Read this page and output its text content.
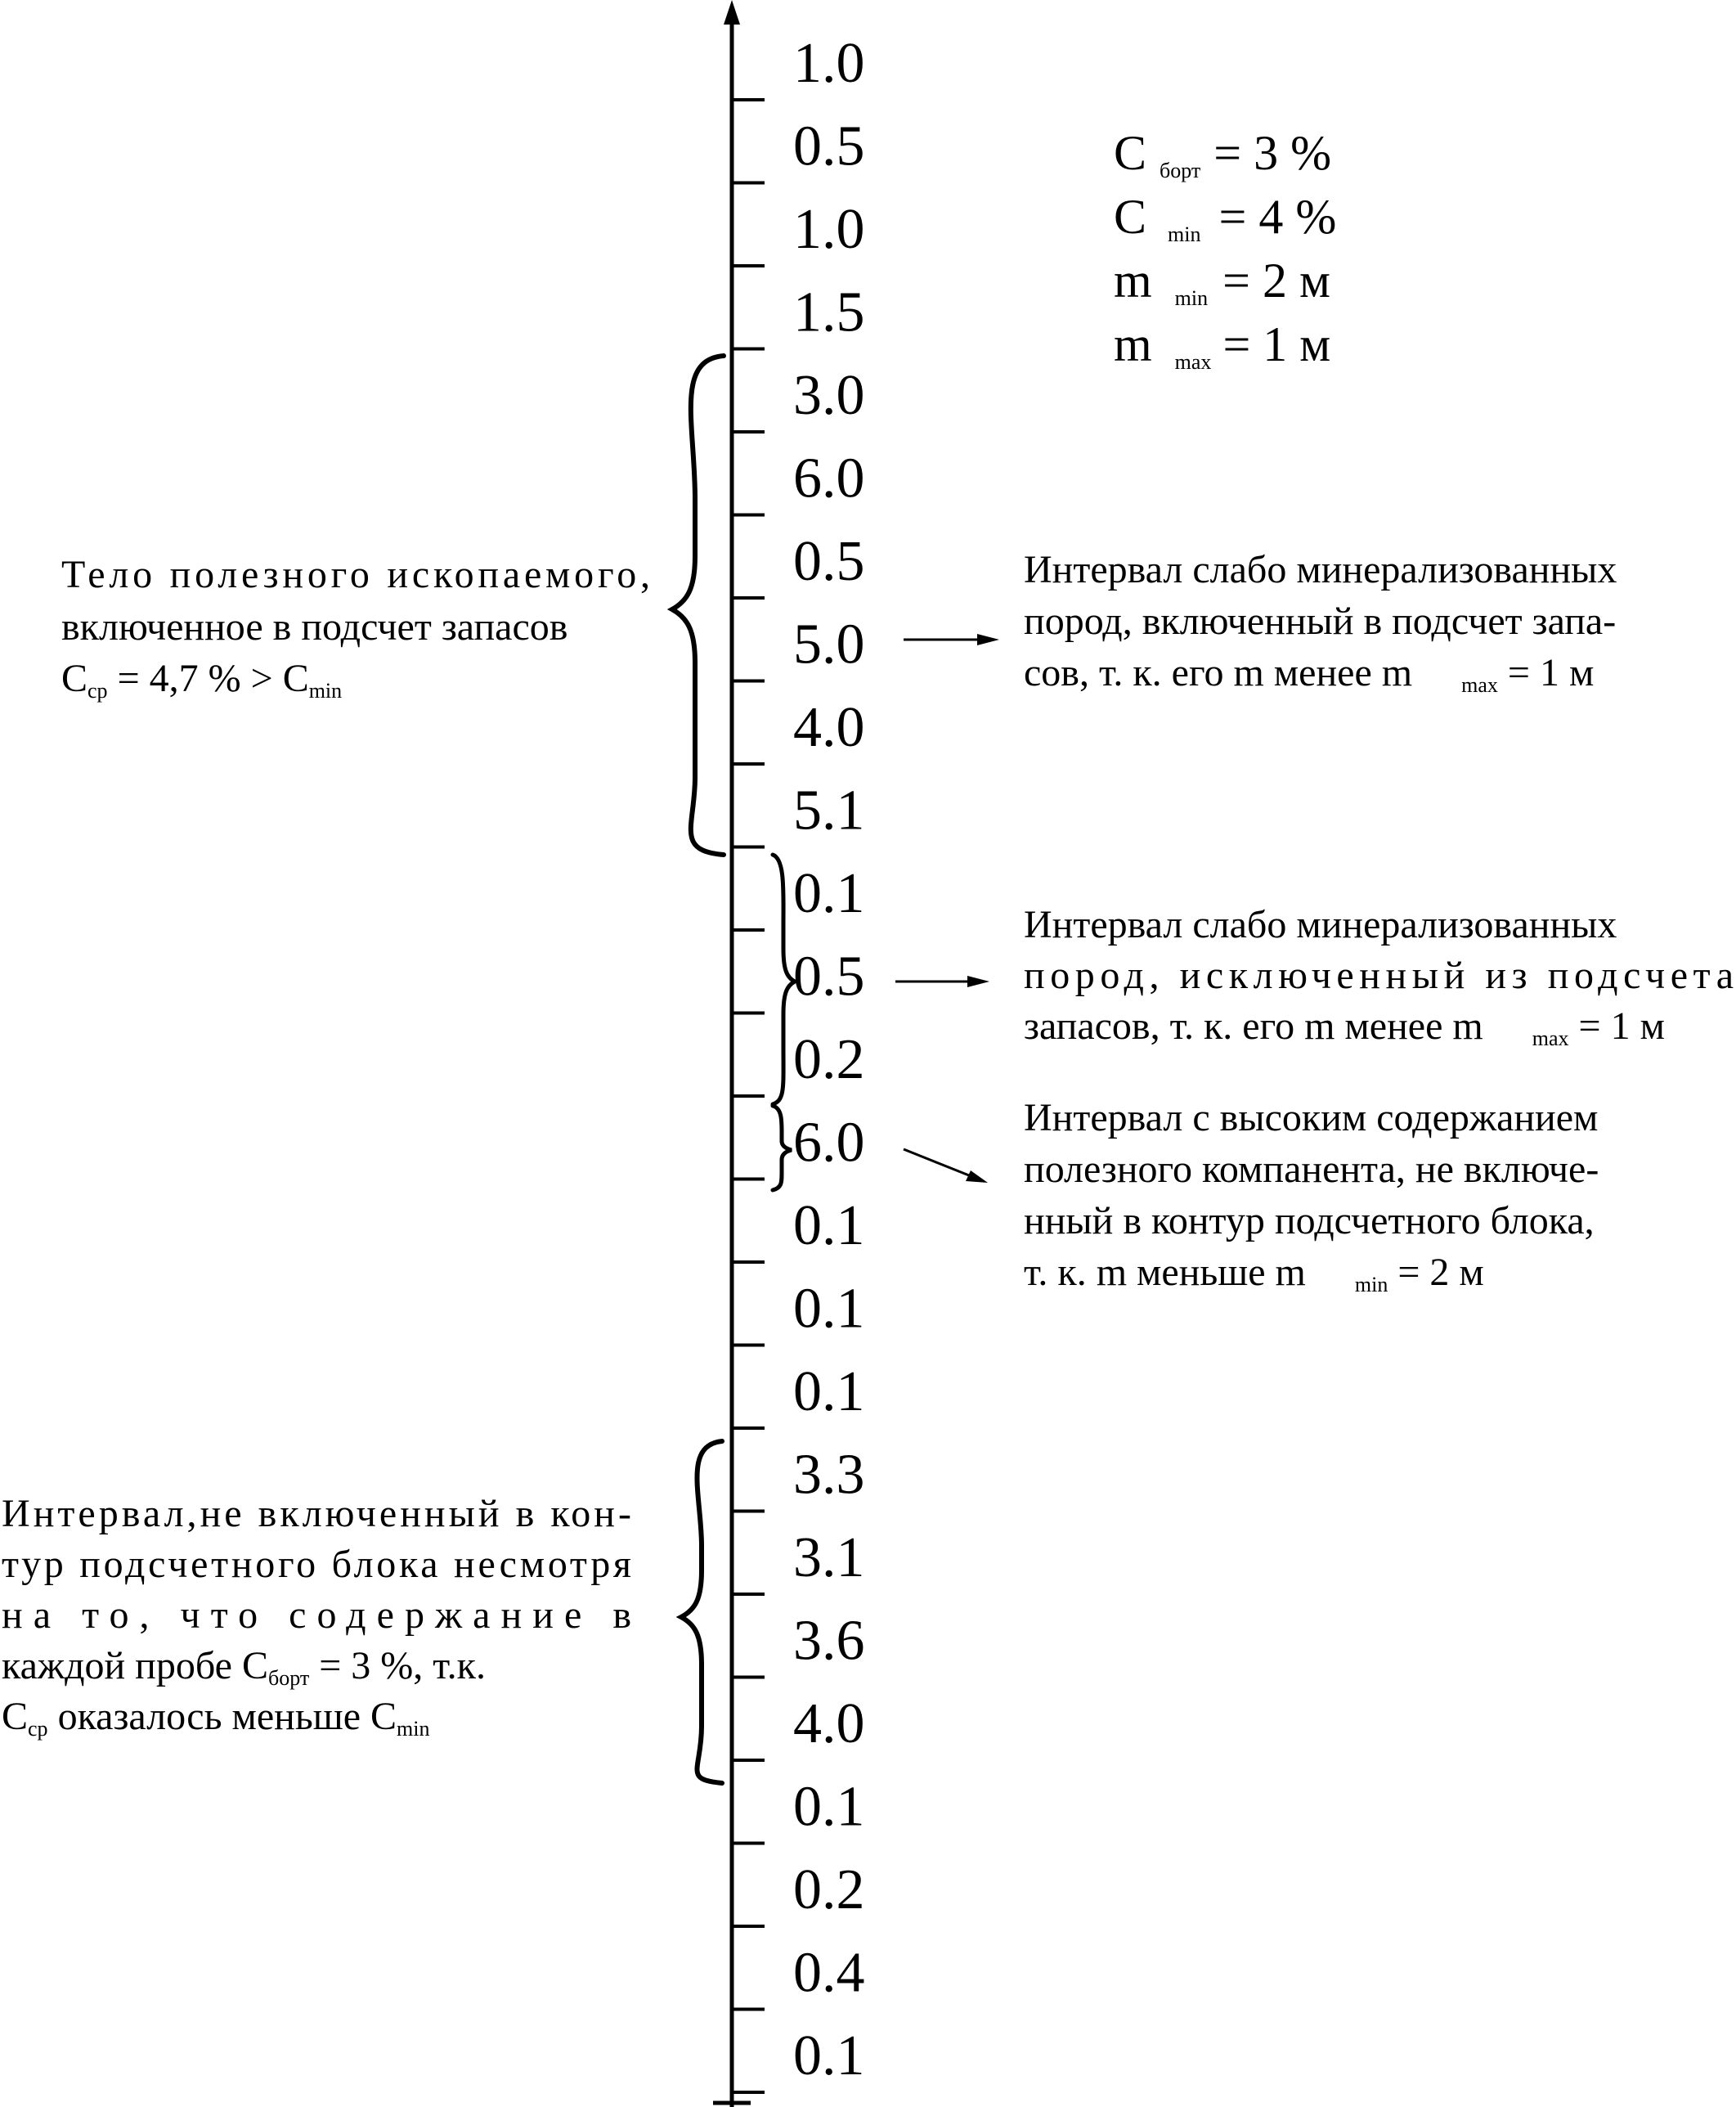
1.0
0.5
1.0
1.5
3.0
6.0
0.5
5.0
4.0
5.1
0.1
0.5
0.2
6.0
0.1
0.1
0.1
3.3
3.1
3.6
4.0
0.1
0.2
0.4
0.1
Cборт = 3 %
C min = 4 %
m min = 2 м
m max = 1 м
Тело полезного ископаемого,
включенное в подсчет запасов
Cср = 4,7 % > Cmin
Интервал слабо минерализованных
пород, включенный в подсчет запа-
сов, т. к. его m менее m max = 1 м
Интервал слабо минерализованных
пород, исключенный из подсчета
запасов, т. к. его m менее m max = 1 м
Интервал с высоким содержанием
полезного компанента, не включе-
нный в контур подсчетного блока,
т. к. m меньше m min = 2 м
Интервал,не включенный в кон-
тур подсчетного блока несмотря
на то, что содержание в
каждой пробе Cборт = 3 %, т.к.
Cср оказалось меньше Cmin
